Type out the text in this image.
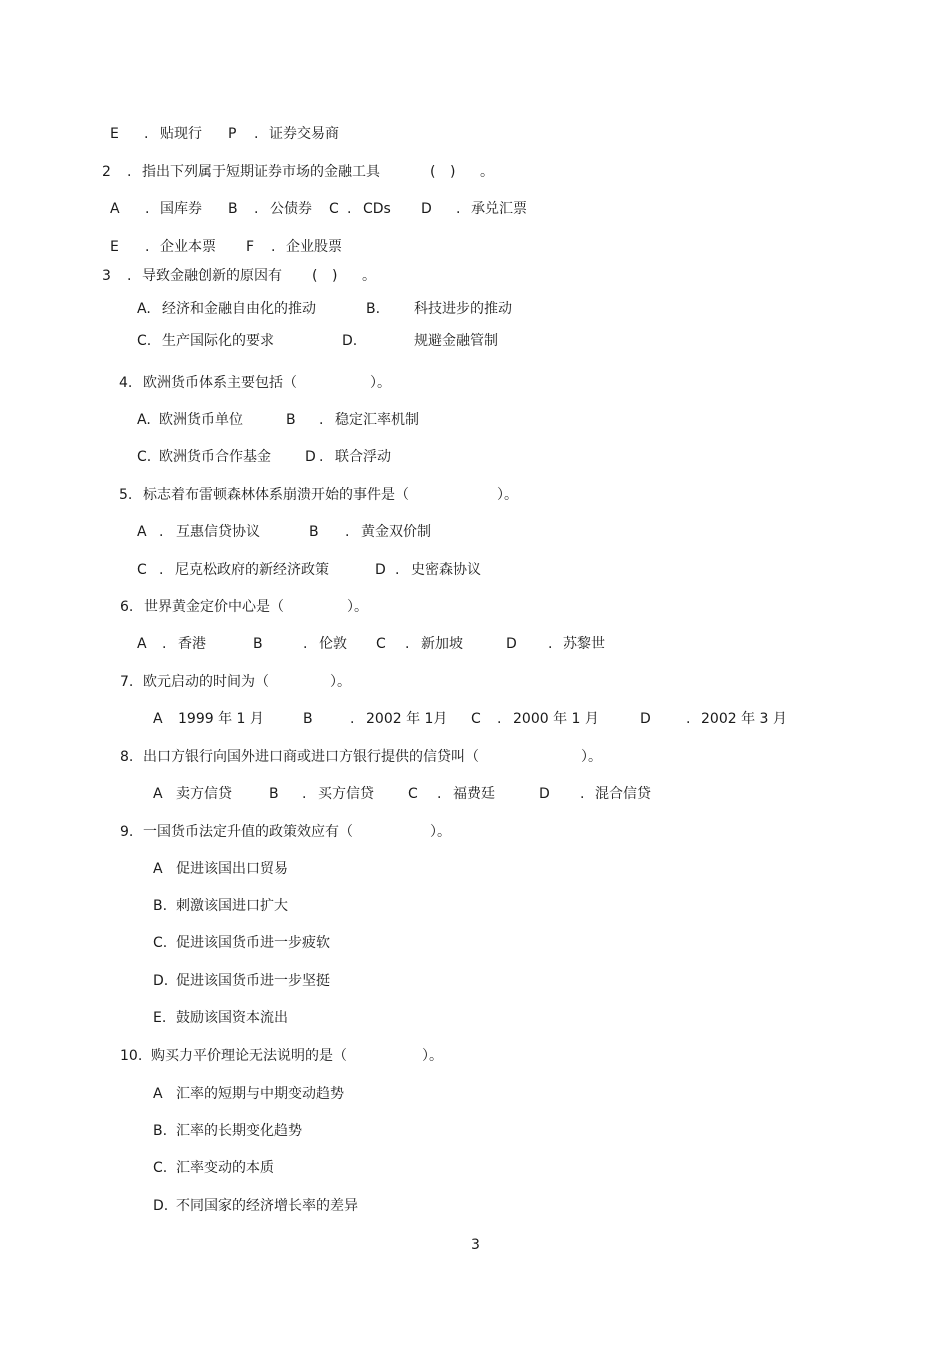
E . 贴现行 P . 证券交易商
2 . 指出下列属于短期证券市场的金融工具	( ) 。
A . 国库券 B . 公债券 C . CDs D . 承兑汇票
E . 企业本票 F . 企业股票
3 . 导致金融创新的原因有 ( ) 。
A. 经济和金融自由化的推动	B. 科技进步的推动
C. 生产国际化的要求	D.	规避金融管制
4. 欧洲货币体系主要包括（	）。
A. 欧洲货币单位	B . 稳定汇率机制
C. 欧洲货币合作基金 D . 联合浮动
5. 标志着布雷顿森林体系崩溃开始的事件是（	）。
A . 互惠信贷协议	B . 黄金双价制
C . 尼克松政府的新经济政策	D . 史密森协议
6. 世界黄金定价中心是（	）。
A . 香港	B	. 伦敦 C . 新加坡	D . 苏黎世
7. 欧元启动的时间为（	）。
A 1999 年 1 月	B	. 2002 年 1月 C . 2000 年 1 月	D	. 2002 年 3 月
8. 出口方银行向国外进口商或进口方银行提供的信贷叫（	）。
A 卖方信贷	B . 买方信贷 C . 福费廷	D . 混合信贷
9. 一国货币法定升值的政策效应有（	）。
A 促进该国出口贸易
B. 刺激该国进口扩大
C. 促进该国货币进一步疲软
D. 促进该国货币进一步坚挺
E. 鼓励该国资本流出
10. 购买力平价理论无法说明的是（	）。
A 汇率的短期与中期变动趋势
B. 汇率的长期变化趋势
C. 汇率变动的本质
D. 不同国家的经济增长率的差异
3
